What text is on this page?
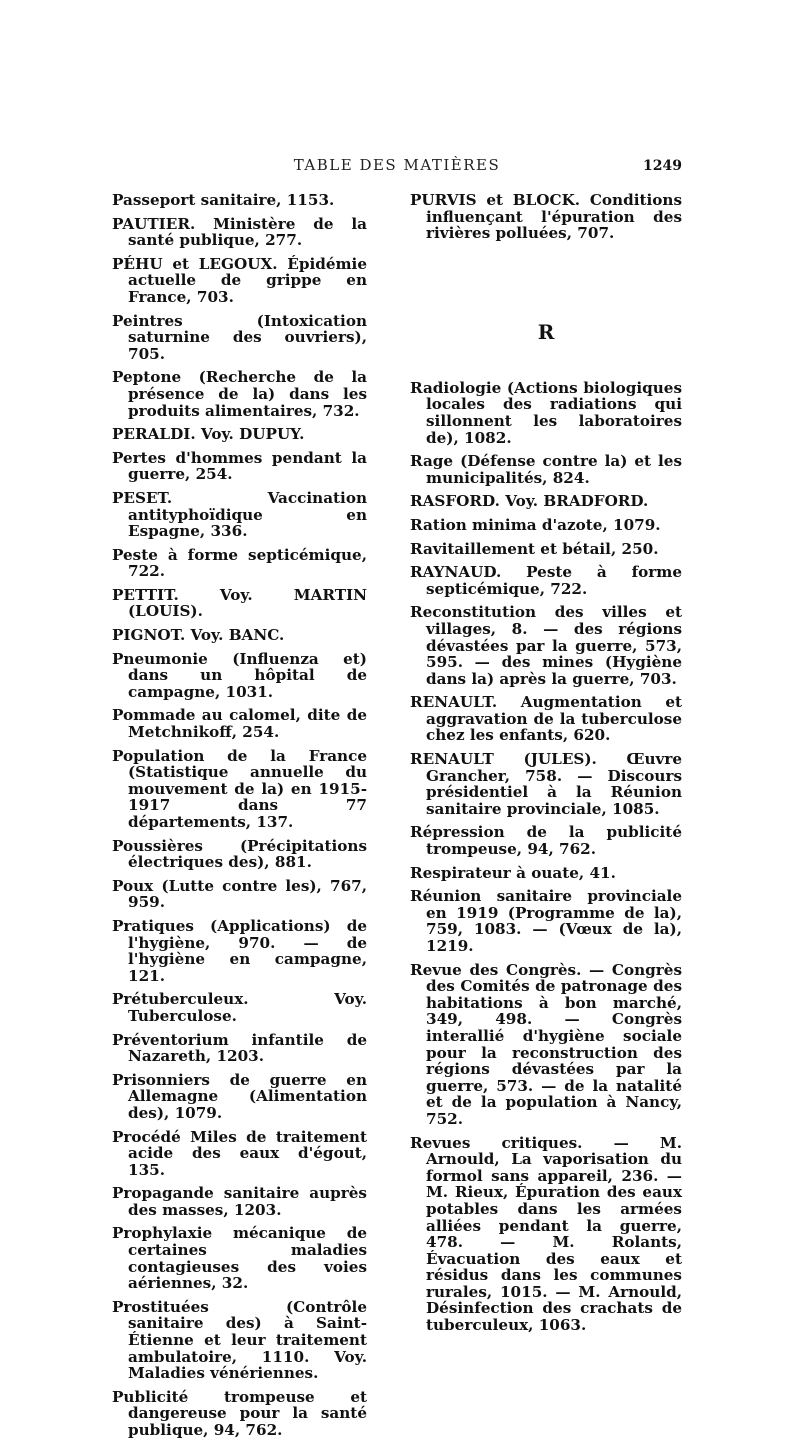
TABLE DES MATIÈRES	1249

Passeport sanitaire, 1153.

PAUTIER. Ministère de la santé publique, 277.

PÉHU et LEGOUX. Épidémie actuelle de grippe en France, 703.

Peintres (Intoxication saturnine des ouvriers), 705.

Peptone (Recherche de la présence de la) dans les produits alimentaires, 732.

PERALDI. Voy. DUPUY.

Pertes d'hommes pendant la guerre, 254.

PESET. Vaccination antityphoïdique en Espagne, 336.

Peste à forme septicémique, 722.

PETTIT. Voy. MARTIN (LOUIS).

PIGNOT. Voy. BANC.

Pneumonie (Influenza et) dans un hôpital de campagne, 1031.

Pommade au calomel, dite de Metchnikoff, 254.

Population de la France (Statistique annuelle du mouvement de la) en 1915-1917 dans 77 départements, 137.

Poussières (Précipitations électriques des), 881.

Poux (Lutte contre les), 767, 959.

Pratiques (Applications) de l'hygiène, 970. — de l'hygiène en campagne, 121.

Prétuberculeux. Voy. Tuberculose.

Préventorium infantile de Nazareth, 1203.

Prisonniers de guerre en Allemagne (Alimentation des), 1079.

Procédé Miles de traitement acide des eaux d'égout, 135.

Propagande sanitaire auprès des masses, 1203.

Prophylaxie mécanique de certaines maladies contagieuses des voies aériennes, 32.

Prostituées (Contrôle sanitaire des) à Saint-Étienne et leur traitement ambulatoire, 1110. Voy. Maladies vénériennes.

Publicité trompeuse et dangereuse pour la santé publique, 94, 762.

PURVIS et BLOCK. Conditions influençant l'épuration des rivières polluées, 707.

R

Radiologie (Actions biologiques locales des radiations qui sillonnent les laboratoires de), 1082.

Rage (Défense contre la) et les municipalités, 824.

RASFORD. Voy. BRADFORD.

Ration minima d'azote, 1079.

Ravitaillement et bétail, 250.

RAYNAUD. Peste à forme septicémique, 722.

Reconstitution des villes et villages, 8. — des régions dévastées par la guerre, 573, 595. — des mines (Hygiène dans la) après la guerre, 703.

RENAULT. Augmentation et aggravation de la tuberculose chez les enfants, 620.

RENAULT (JULES). Œuvre Grancher, 758. — Discours présidentiel à la Réunion sanitaire provinciale, 1085.

Répression de la publicité trompeuse, 94, 762.

Respirateur à ouate, 41.

Réunion sanitaire provinciale en 1919 (Programme de la), 759, 1083. — (Vœux de la), 1219.

Revue des Congrès. — Congrès des Comités de patronage des habitations à bon marché, 349, 498. — Congrès interallié d'hygiène sociale pour la reconstruction des régions dévastées par la guerre, 573. — de la natalité et de la population à Nancy, 752.

Revues critiques. — M. Arnould, La vaporisation du formol sans appareil, 236. — M. Rieux, Épuration des eaux potables dans les armées alliées pendant la guerre, 478. — M. Rolants, Évacuation des eaux et résidus dans les communes rurales, 1015. — M. Arnould, Désinfection des crachats de tuberculeux, 1063.
